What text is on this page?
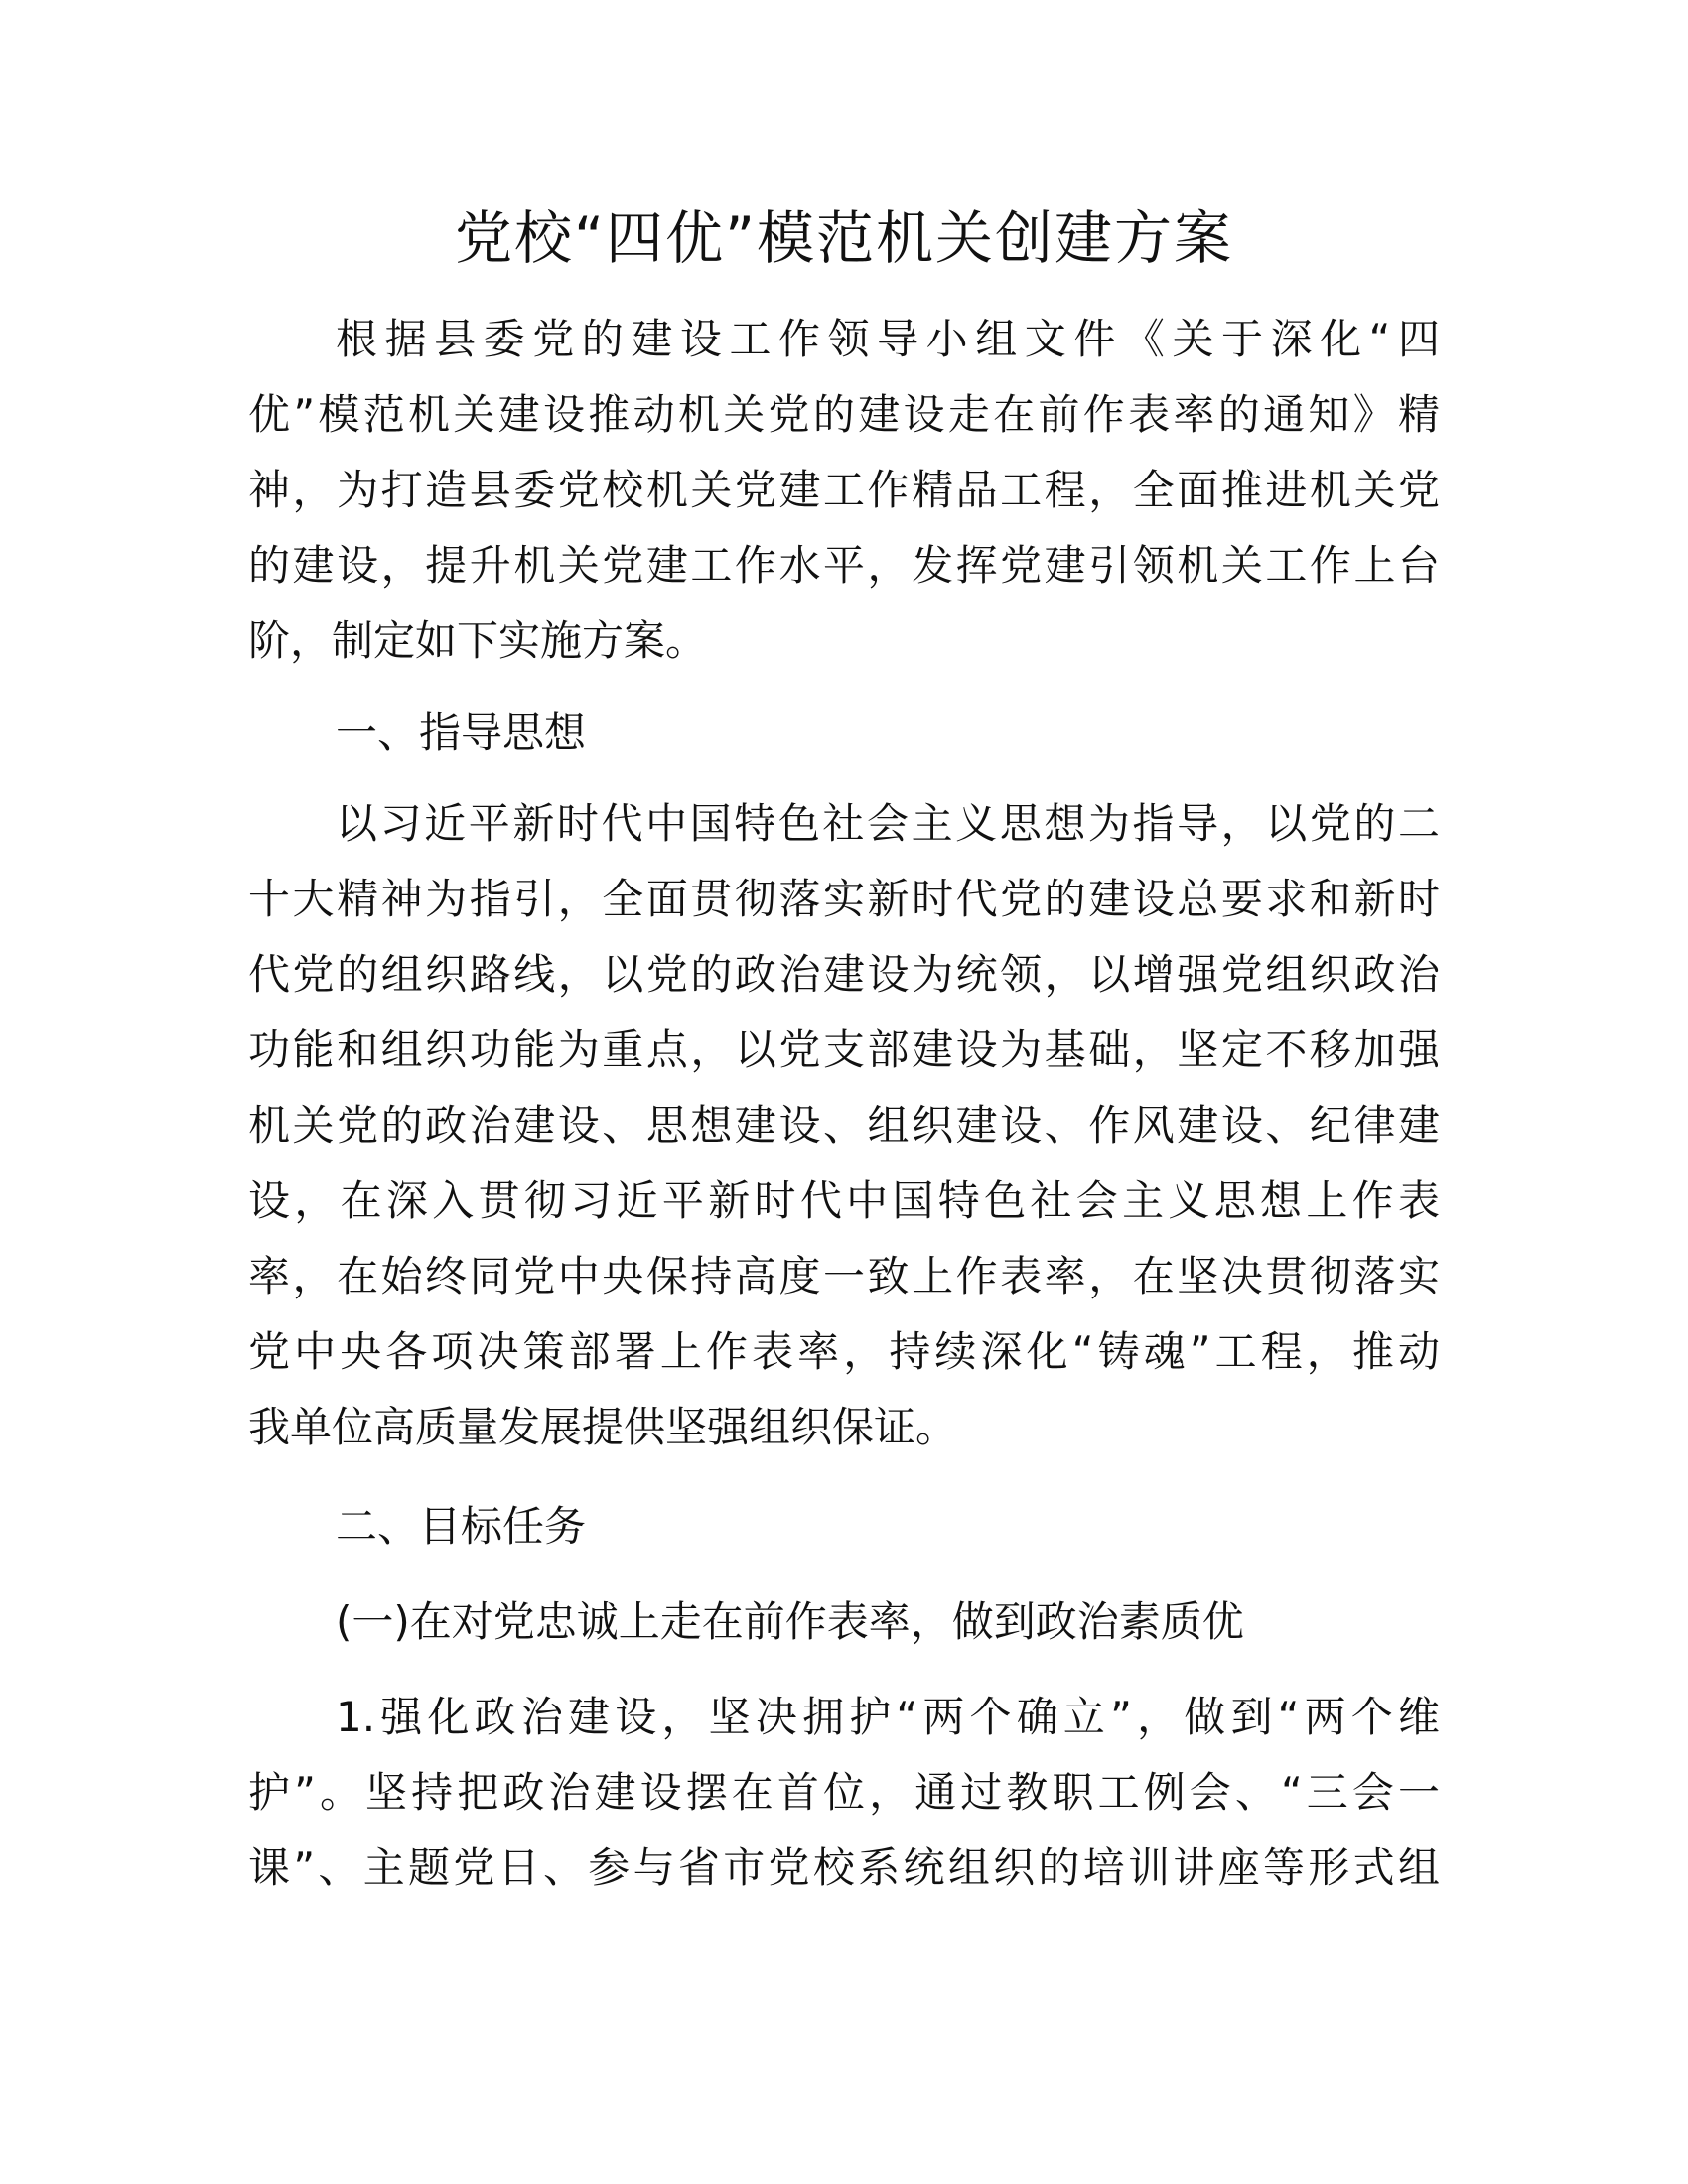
党校“四优”模范机关创建方案
根据县委党的建设工作领导小组文件《关于深化“四
优”模范机关建设推动机关党的建设走在前作表率的通知》精
神，为打造县委党校机关党建工作精品工程，全面推进机关党
的建设，提升机关党建工作水平，发挥党建引领机关工作上台
阶，制定如下实施方案。
一、指导思想
以习近平新时代中国特色社会主义思想为指导，以党的二
十大精神为指引，全面贯彻落实新时代党的建设总要求和新时
代党的组织路线，以党的政治建设为统领，以增强党组织政治
功能和组织功能为重点，以党支部建设为基础，坚定不移加强
机关党的政治建设、思想建设、组织建设、作风建设、纪律建
设，在深入贯彻习近平新时代中国特色社会主义思想上作表
率，在始终同党中央保持高度一致上作表率，在坚决贯彻落实
党中央各项决策部署上作表率，持续深化“铸魂”工程，推动
我单位高质量发展提供坚强组织保证。
二、目标任务
(一)在对党忠诚上走在前作表率，做到政治素质优
1.强化政治建设，坚决拥护“两个确立”，做到“两个维
护”。坚持把政治建设摆在首位，通过教职工例会、“三会一
课”、主题党日、参与省市党校系统组织的培训讲座等形式组
